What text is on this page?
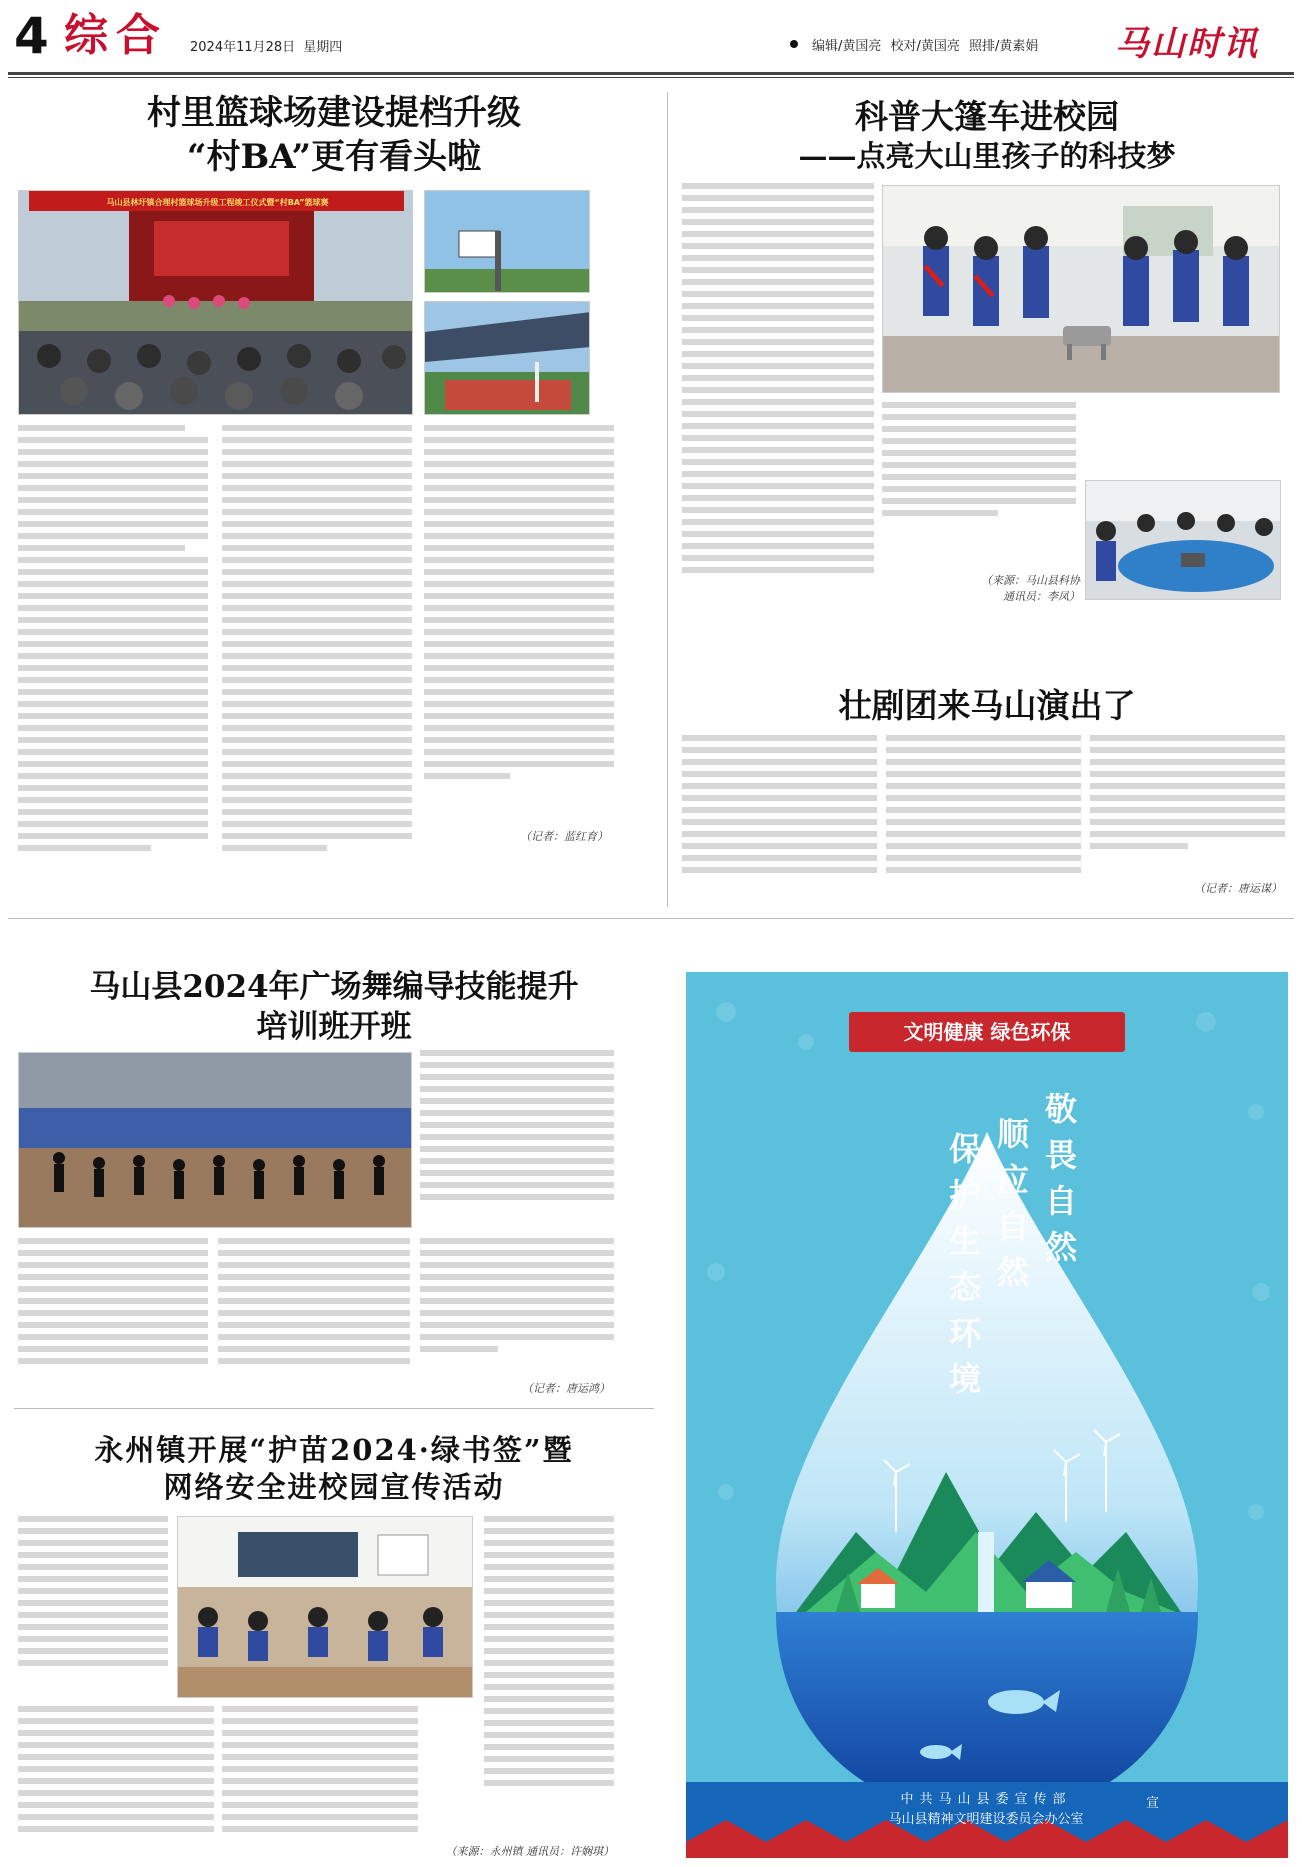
4 综合 2024年11月28日 星期四	编辑/黄国亮 校对/黄国亮 照排/黄素娟 马山时讯
村里篮球场建设提档升级
“村BA”更有看头啦
马山县林圩镇合理村篮球场升级工程竣工仪式暨“村BA”篮球赛
（记者：蓝红育）
科普大篷车进校园
——点亮大山里孩子的科技梦
（来源：马山县科协
通讯员：李凤）
壮剧团来马山演出了
（记者：唐运谋）
马山县2024年广场舞编导技能提升
培训班开班
（记者：唐运鸿）
永州镇开展“护苗2024·绿书签”暨
网络安全进校园宣传活动
（来源：永州镇 通讯员：许娴琪）
文明健康 绿色环保
敬畏自然
顺应自然
保护生态环境
中共马山县委宣传部	宣
马山县精神文明建设委员会办公室
